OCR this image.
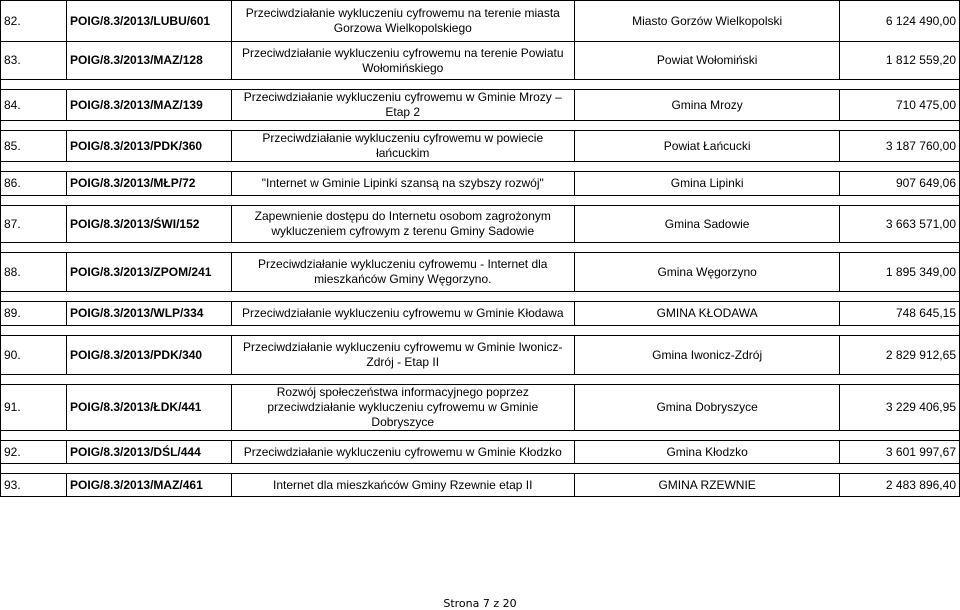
82.	POIG/8.3/2013/LUBU/601	Przeciwdziałanie wykluczeniu cyfrowemu na terenie miasta Gorzowa Wielkopolskiego	Miasto Gorzów Wielkopolski	6 124 490,00
83.	POIG/8.3/2013/MAZ/128	Przeciwdziałanie wykluczeniu cyfrowemu na terenie Powiatu Wołomińskiego	Powiat Wołomiński	1 812 559,20

84.	POIG/8.3/2013/MAZ/139	Przeciwdziałanie wykluczeniu cyfrowemu w Gminie Mrozy – Etap 2	Gmina Mrozy	710 475,00

85.	POIG/8.3/2013/PDK/360	Przeciwdziałanie wykluczeniu cyfrowemu w powiecie łańcuckim	Powiat Łańcucki	3 187 760,00

86.	POIG/8.3/2013/MŁP/72	"Internet w Gminie Lipinki szansą na szybszy rozwój"	Gmina Lipinki	907 649,06

87.	POIG/8.3/2013/ŚWI/152	Zapewnienie dostępu do Internetu osobom zagrożonym wykluczeniem cyfrowym z terenu Gminy Sadowie	Gmina Sadowie	3 663 571,00

88.	POIG/8.3/2013/ZPOM/241	Przeciwdziałanie wykluczeniu cyfrowemu - Internet dla mieszkańców Gminy Węgorzyno.	Gmina Węgorzyno	1 895 349,00

89.	POIG/8.3/2013/WLP/334	Przeciwdziałanie wykluczeniu cyfrowemu w Gminie Kłodawa	GMINA KŁODAWA	748 645,15

90.	POIG/8.3/2013/PDK/340	Przeciwdziałanie wykluczeniu cyfrowemu w Gminie Iwonicz-Zdrój - Etap II	Gmina Iwonicz-Zdrój	2 829 912,65

91.	POIG/8.3/2013/ŁDK/441	Rozwój społeczeństwa informacyjnego poprzez przeciwdziałanie wykluczeniu cyfrowemu w Gminie Dobryszyce	Gmina Dobryszyce	3 229 406,95

92.	POIG/8.3/2013/DŚL/444	Przeciwdziałanie wykluczeniu cyfrowemu w Gminie Kłodzko	Gmina Kłodzko	3 601 997,67

93.	POIG/8.3/2013/MAZ/461	Internet dla mieszkańców Gminy Rzewnie etap II	GMINA RZEWNIE	2 483 896,40
Strona 7 z 20
